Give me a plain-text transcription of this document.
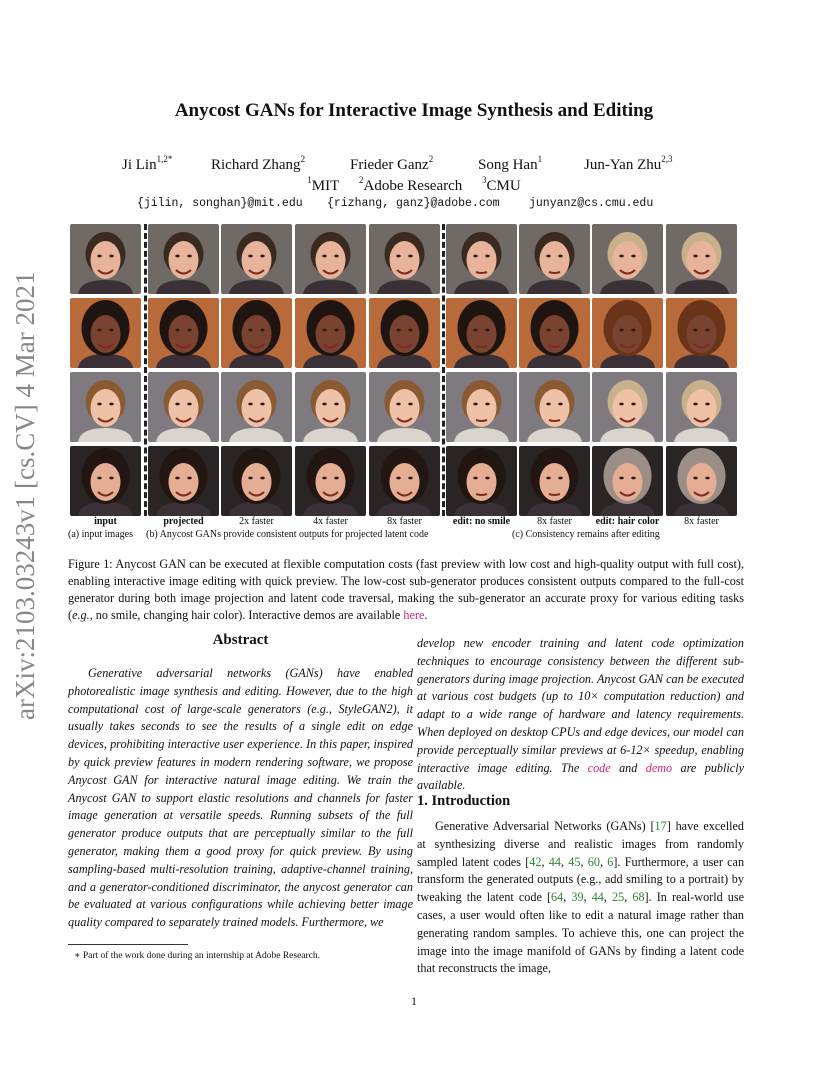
Anycost GANs for Interactive Image Synthesis and Editing
Ji Lin$^{1,2*}$	Richard Zhang$^2$	Frieder Ganz$^2$	Song Han$^1$	Jun-Yan Zhu$^{2,3}$
$^1$MIT $^2$Adobe Research $^3$CMU
{jilin, songhan}@mit.edu {rizhang, ganz}@adobe.com	junyanz@cs.cmu.edu
arXiv:2103.03243v1 [cs.CV] 4 Mar 2021	(a) input images (b) Anycost GANs provide consistent outputs for projected latent code	(c) Consistency remains after editing
Figure 1: Anycost GAN can be executed at flexible computation costs (fast preview with low cost and high-quality output with full cost), enabling interactive image editing with quick preview. The low-cost sub-generator produces consistent outputs compared to the full-cost generator during both image projection and latent code traversal, making the sub-generator an accurate proxy for various editing tasks (e.g., no smile, changing hair color). Interactive demos are available here.
Abstract
Generative adversarial networks (GANs) have enabled photorealistic image synthesis and editing. However, due to the high computational cost of large-scale generators (e.g., StyleGAN2), it usually takes seconds to see the results of a single edit on edge devices, prohibiting interactive user experience. In this paper, inspired by quick preview features in modern rendering software, we propose Anycost GAN for interactive natural image editing. We train the Anycost GAN to support elastic resolutions and channels for faster image generation at versatile speeds. Running subsets of the full generator produce outputs that are perceptually similar to the full generator, making them a good proxy for quick preview. By using sampling-based multi-resolution training, adaptive-channel training, and a generator-conditioned discriminator, the anycost generator can be evaluated at various configurations while achieving better image quality compared to separately trained models. Furthermore, we
develop new encoder training and latent code optimization techniques to encourage consistency between the different sub-generators during image projection. Anycost GAN can be executed at various cost budgets (up to 10× computation reduction) and adapt to a wide range of hardware and latency requirements. When deployed on desktop CPUs and edge devices, our model can provide perceptually similar previews at 6-12× speedup, enabling interactive image editing. The code and demo are publicly available.
1. Introduction
Generative Adversarial Networks (GANs) [17] have excelled at synthesizing diverse and realistic images from randomly sampled latent codes [42, 44, 45, 60, 6]. Furthermore, a user can transform the generated outputs (e.g., add smiling to a portrait) by tweaking the latent code [64, 39, 44, 25, 68]. In real-world use cases, a user would often like to edit a natural image rather than generating random samples. To achieve this, one can project the image into the image manifold of GANs by finding a latent code that reconstructs the image,
∗ Part of the work done during an internship at Adobe Research.
1
input	projected	2x faster	4x faster	8x faster	edit: no smile	8x faster	edit: hair color	8x faster
